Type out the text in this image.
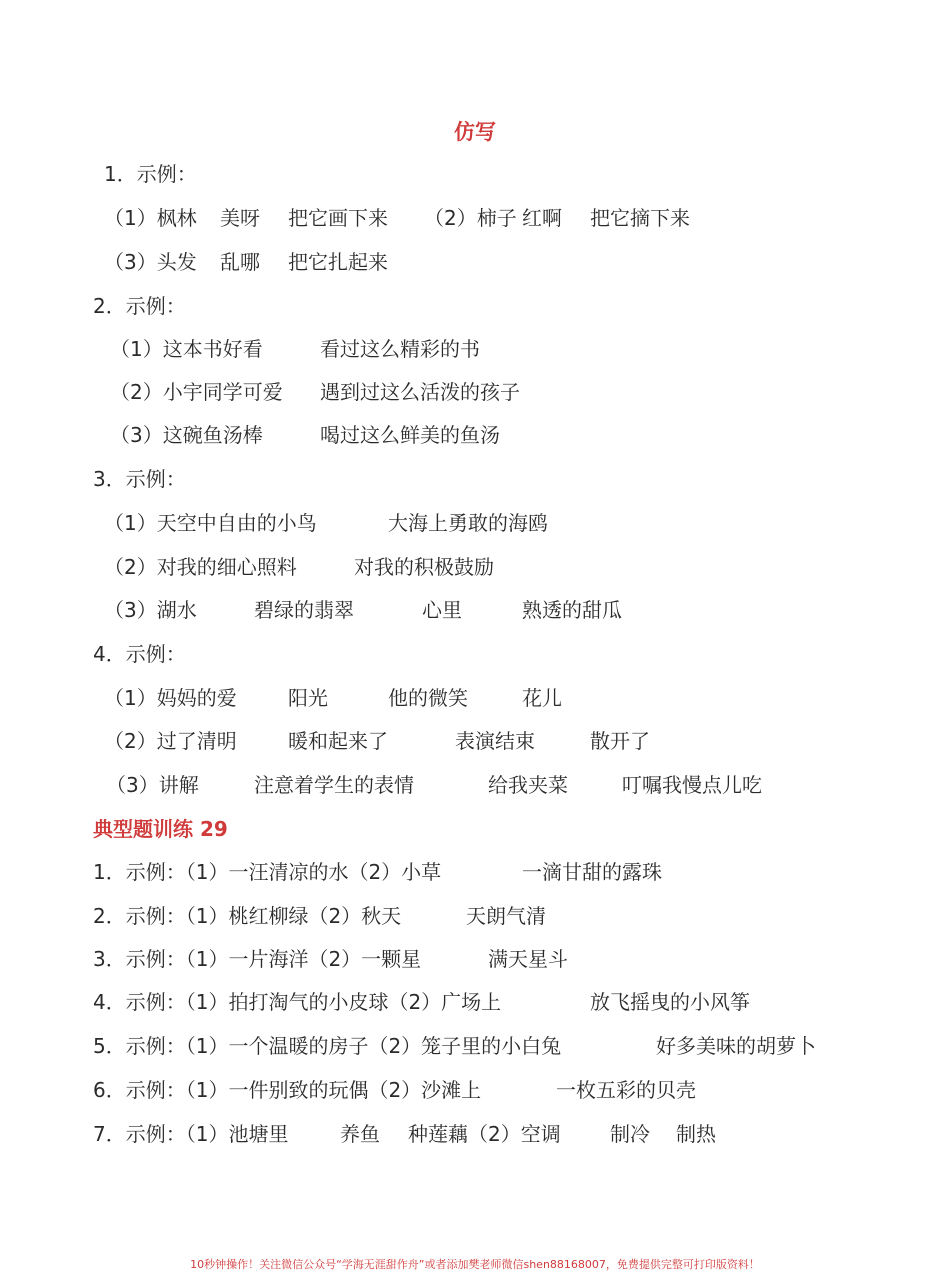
仿写
1．示例：
（1）枫林 美呀 把它画下来 （2）柿子 红啊 把它摘下来
（3）头发 乱哪 把它扎起来
2．示例：
（1）这本书好看	看过这么精彩的书
（2）小宇同学可爱 遇到过这么活泼的孩子
（3）这碗鱼汤棒	喝过这么鲜美的鱼汤
3．示例：
（1）天空中自由的小鸟	大海上勇敢的海鸥
（2）对我的细心照料	对我的积极鼓励
（3）湖水	碧绿的翡翠	心里	熟透的甜瓜
4．示例：
（1）妈妈的爱	阳光	他的微笑	花儿
（2）过了清明	暖和起来了	表演结束	散开了
（3）讲解	注意着学生的表情	给我夹菜	叮嘱我慢点儿吃
典型题训练 29
1．示例：（1）一汪清凉的水（2）小草	一滴甘甜的露珠
2．示例：（1）桃红柳绿（2）秋天	天朗气清
3．示例：（1）一片海洋（2）一颗星	满天星斗
4．示例：（1）拍打淘气的小皮球（2）广场上	放飞摇曳的小风筝
5．示例：（1）一个温暖的房子（2）笼子里的小白兔	好多美味的胡萝卜
6．示例：（1）一件别致的玩偶（2）沙滩上	一枚五彩的贝壳
7．示例：（1）池塘里	养鱼 种莲藕（2）空调 制冷 制热
10秒钟操作！关注微信公众号“学海无涯甜作舟”或者添加樊老师微信shen88168007，免费提供完整可打印版资料！
